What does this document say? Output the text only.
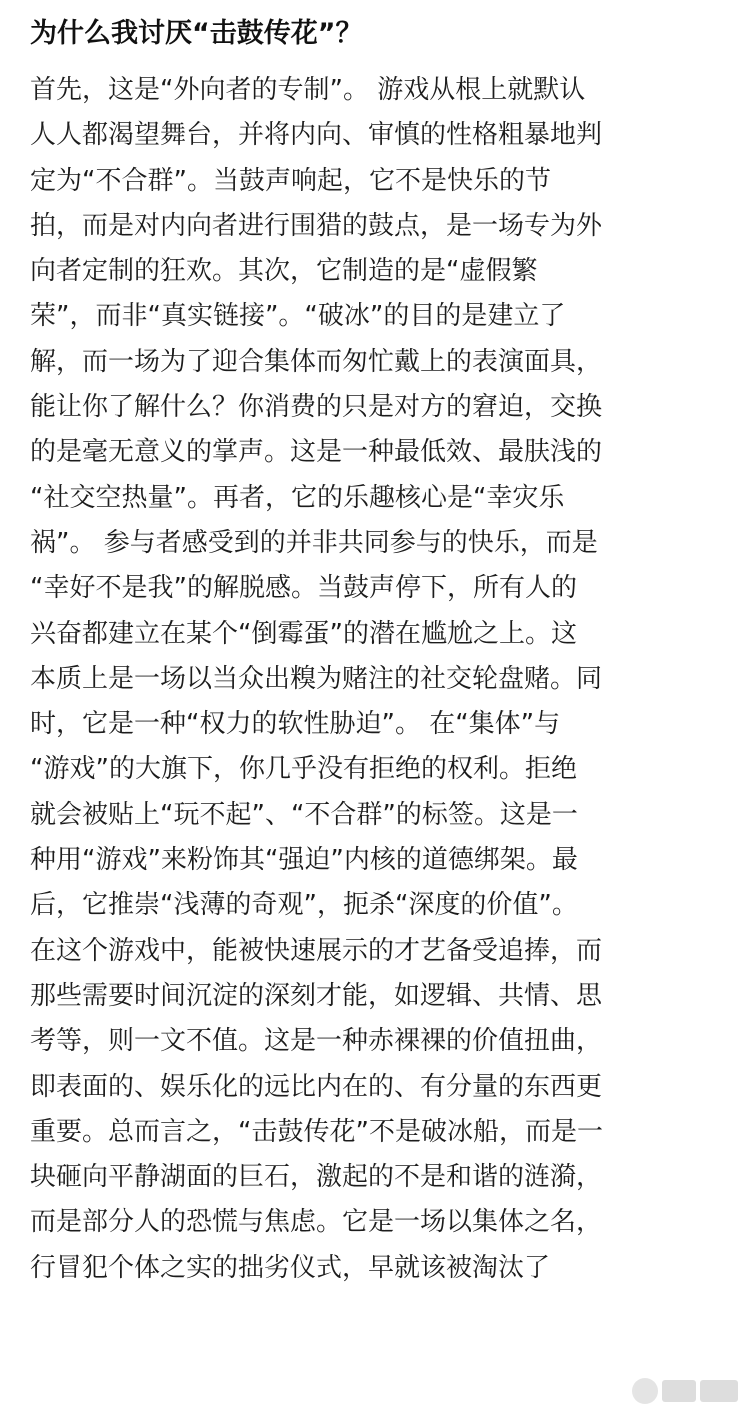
为什么我讨厌“击鼓传花”？
首先，这是“外向者的专制”。 游戏从根上就默认
人人都渴望舞台，并将内向、审慎的性格粗暴地判
定为“不合群”。当鼓声响起，它不是快乐的节
拍，而是对内向者进行围猎的鼓点，是一场专为外
向者定制的狂欢。其次，它制造的是“虚假繁
荣”，而非“真实链接”。“破冰”的目的是建立了
解，而一场为了迎合集体而匆忙戴上的表演面具，
能让你了解什么？你消费的只是对方的窘迫，交换
的是毫无意义的掌声。这是一种最低效、最肤浅的
“社交空热量”。再者，它的乐趣核心是“幸灾乐
祸”。 参与者感受到的并非共同参与的快乐，而是
“幸好不是我”的解脱感。当鼓声停下，所有人的
兴奋都建立在某个“倒霉蛋”的潜在尴尬之上。这
本质上是一场以当众出糗为赌注的社交轮盘赌。同
时，它是一种“权力的软性胁迫”。 在“集体”与
“游戏”的大旗下，你几乎没有拒绝的权利。拒绝
就会被贴上“玩不起”、“不合群”的标签。这是一
种用“游戏”来粉饰其“强迫”内核的道德绑架。最
后，它推崇“浅薄的奇观”，扼杀“深度的价值”。
在这个游戏中，能被快速展示的才艺备受追捧，而
那些需要时间沉淀的深刻才能，如逻辑、共情、思
考等，则一文不值。这是一种赤裸裸的价值扭曲，
即表面的、娱乐化的远比内在的、有分量的东西更
重要。总而言之，“击鼓传花”不是破冰船，而是一
块砸向平静湖面的巨石，激起的不是和谐的涟漪，
而是部分人的恐慌与焦虑。它是一场以集体之名，
行冒犯个体之实的拙劣仪式，早就该被淘汰了
